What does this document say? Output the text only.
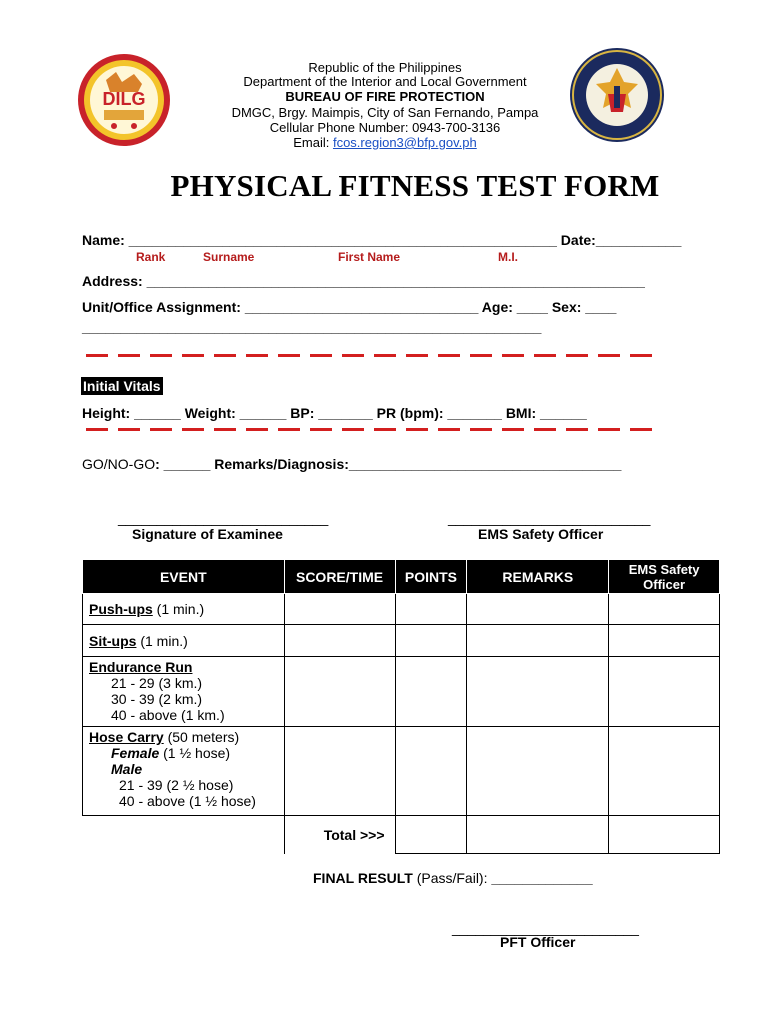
DILG
Republic of the Philippines
Department of the Interior and Local Government
BUREAU OF FIRE PROTECTION
DMGC, Brgy. Maimpis, City of San Fernando, Pampa
Cellular Phone Number: 0943-700-3136
Email: fcos.region3@bfp.gov.ph
PHYSICAL FITNESS TEST FORM
Name: _______________________________________________________ Date:___________
Rank	Surname	First Name	M.I.
Address: ________________________________________________________________
Unit/Office Assignment: ______________________________ Age: ____ Sex: ____
___________________________________________________________
Initial Vitals
Height: ______ Weight: ______ BP: _______ PR (bpm): _______ BMI: ______
GO/NO-GO: ______ Remarks/Diagnosis:___________________________________
___________________________
Signature of Examinee
__________________________
EMS Safety Officer
EVENT	SCORE/TIME	POINTS	REMARKS	EMS Safety Officer
Push-ups (1 min.)				
Sit-ups (1 min.)				
Endurance Run
21 - 29 (3 km.)
30 - 39 (2 km.)
40 - above (1 km.)				

Hose Carry (50 meters)
Female (1 ½ hose)
Male
21 - 39 (2 ½ hose)
40 - above (1 ½ hose)				

	Total >>>			
FINAL RESULT (Pass/Fail): _____________
________________________
PFT Officer
